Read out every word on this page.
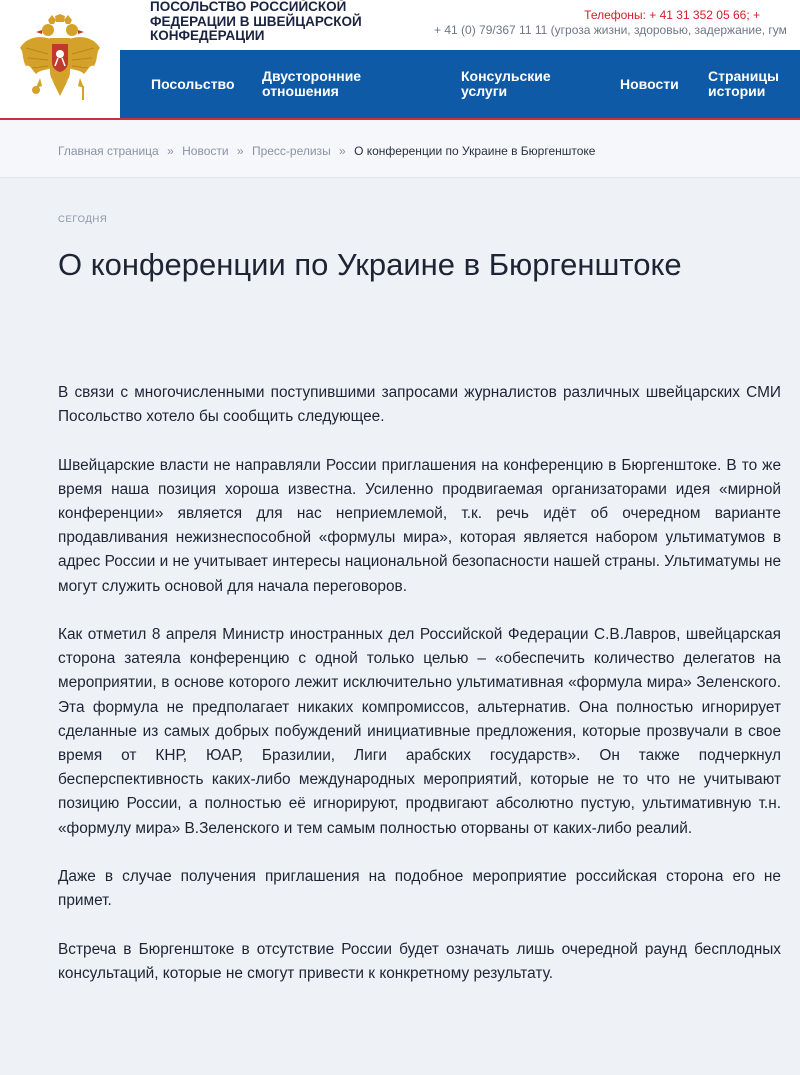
ПОСОЛЬСТВО РОССИЙСКОЙ
ФЕДЕРАЦИИ В ШВЕЙЦАРСКОЙ
КОНФЕДЕРАЦИИ
Телефоны: + 41 31 352 05 66; +
+ 41 (0) 79/367 11 11 (угроза жизни, здоровью, задержание, гум
Посольство Двусторонние
отношения
Консульские
услуги	Новости Страницы
истории
Главная страница » Новости » Пресс-релизы » О конференции по Украине в Бюргенштоке
СЕГОДНЯ
О конференции по Украине в Бюргенштоке

В связи с многочисленными поступившими запросами журналистов различных швейцарских СМИ Посольство хотело бы сообщить следующее.

Швейцарские власти не направляли России приглашения на конференцию в Бюргенштоке. В то же время наша позиция хороша известна. Усиленно продвигаемая организаторами идея «мирной конференции» является для нас неприемлемой, т.к. речь идёт об очередном варианте продавливания нежизнеспособной «формулы мира», которая является набором ультиматумов в адрес России и не учитывает интересы национальной безопасности нашей страны. Ультиматумы не могут служить основой для начала переговоров.

Как отметил 8 апреля Министр иностранных дел Российской Федерации С.В.Лавров, швейцарская сторона затеяла конференцию с одной только целью – «обеспечить количество делегатов на мероприятии, в основе которого лежит исключительно ультимативная «формула мира» Зеленского. Эта формула не предполагает никаких компромиссов, альтернатив. Она полностью игнорирует сделанные из самых добрых побуждений инициативные предложения, которые прозвучали в свое время от КНР, ЮАР, Бразилии, Лиги арабских государств». Он также подчеркнул бесперспективность каких-либо международных мероприятий, которые не то что не учитывают позицию России, а полностью её игнорируют, продвигают абсолютно пустую, ультимативную т.н. «формулу мира» В.Зеленского и тем самым полностью оторваны от каких-либо реалий.

Даже в случае получения приглашения на подобное мероприятие российская сторона его не примет.

Встреча в Бюргенштоке в отсутствие России будет означать лишь очередной раунд бесплодных консультаций, которые не смогут привести к конкретному результату.
